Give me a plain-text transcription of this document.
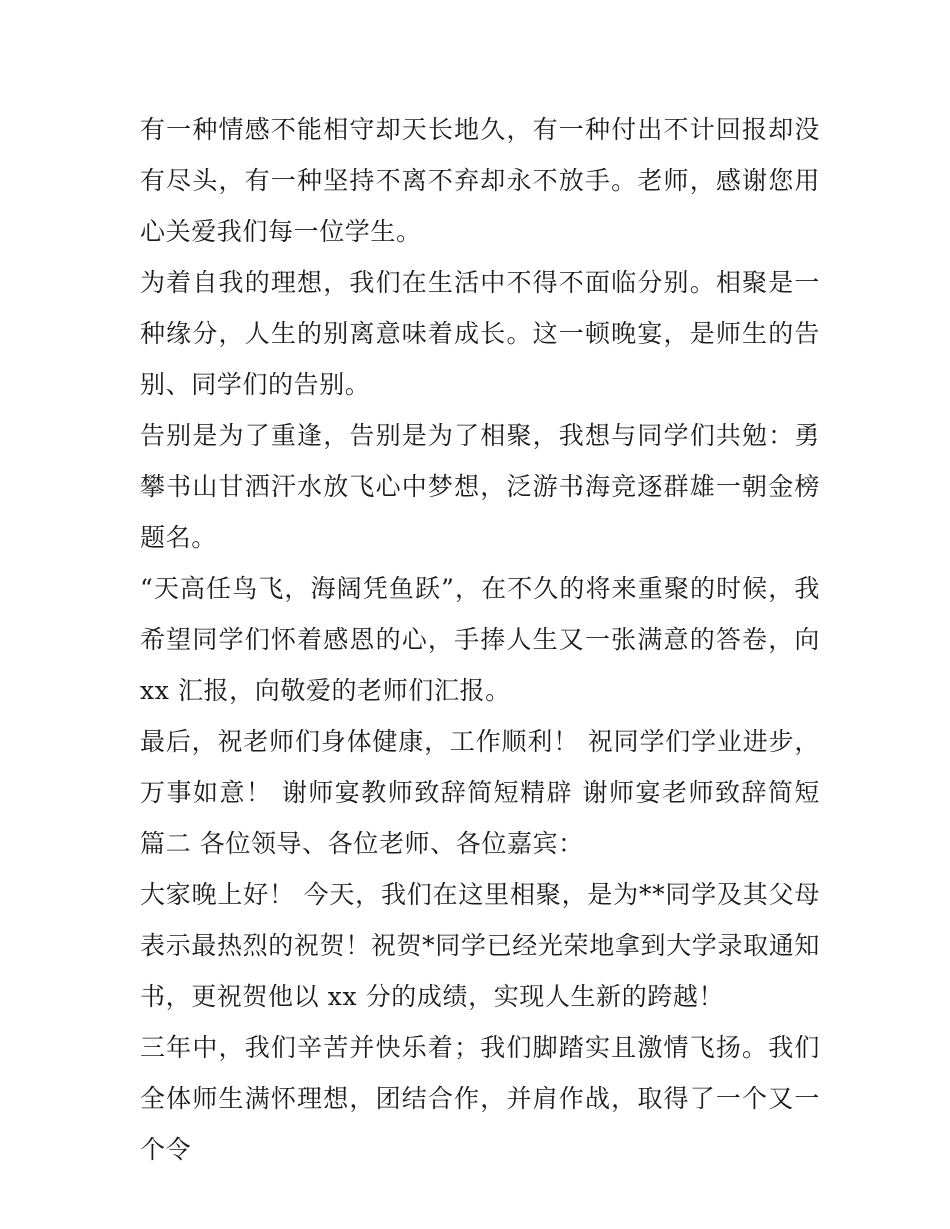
有一种情感不能相守却天长地久，有一种付出不计回报却没有尽头，有一种坚持不离不弃却永不放手。老师，感谢您用心关爱我们每一位学生。

为着自我的理想，我们在生活中不得不面临分别。相聚是一种缘分，人生的别离意味着成长。这一顿晚宴，是师生的告别、同学们的告别。

告别是为了重逢，告别是为了相聚，我想与同学们共勉：勇攀书山甘洒汗水放飞心中梦想，泛游书海竞逐群雄一朝金榜题名。

“天高任鸟飞，海阔凭鱼跃”，在不久的将来重聚的时候，我希望同学们怀着感恩的心，手捧人生又一张满意的答卷，向 xx 汇报，向敬爱的老师们汇报。

最后，祝老师们身体健康，工作顺利！ 祝同学们学业进步，万事如意！ 谢师宴教师致辞简短精辟 谢师宴老师致辞简短篇二 各位领导、各位老师、各位嘉宾：

大家晚上好！ 今天，我们在这里相聚，是为**同学及其父母表示最热烈的祝贺！祝贺*同学已经光荣地拿到大学录取通知书，更祝贺他以 xx 分的成绩，实现人生新的跨越！

三年中，我们辛苦并快乐着；我们脚踏实且激情飞扬。我们全体师生满怀理想，团结合作，并肩作战，取得了一个又一个令
